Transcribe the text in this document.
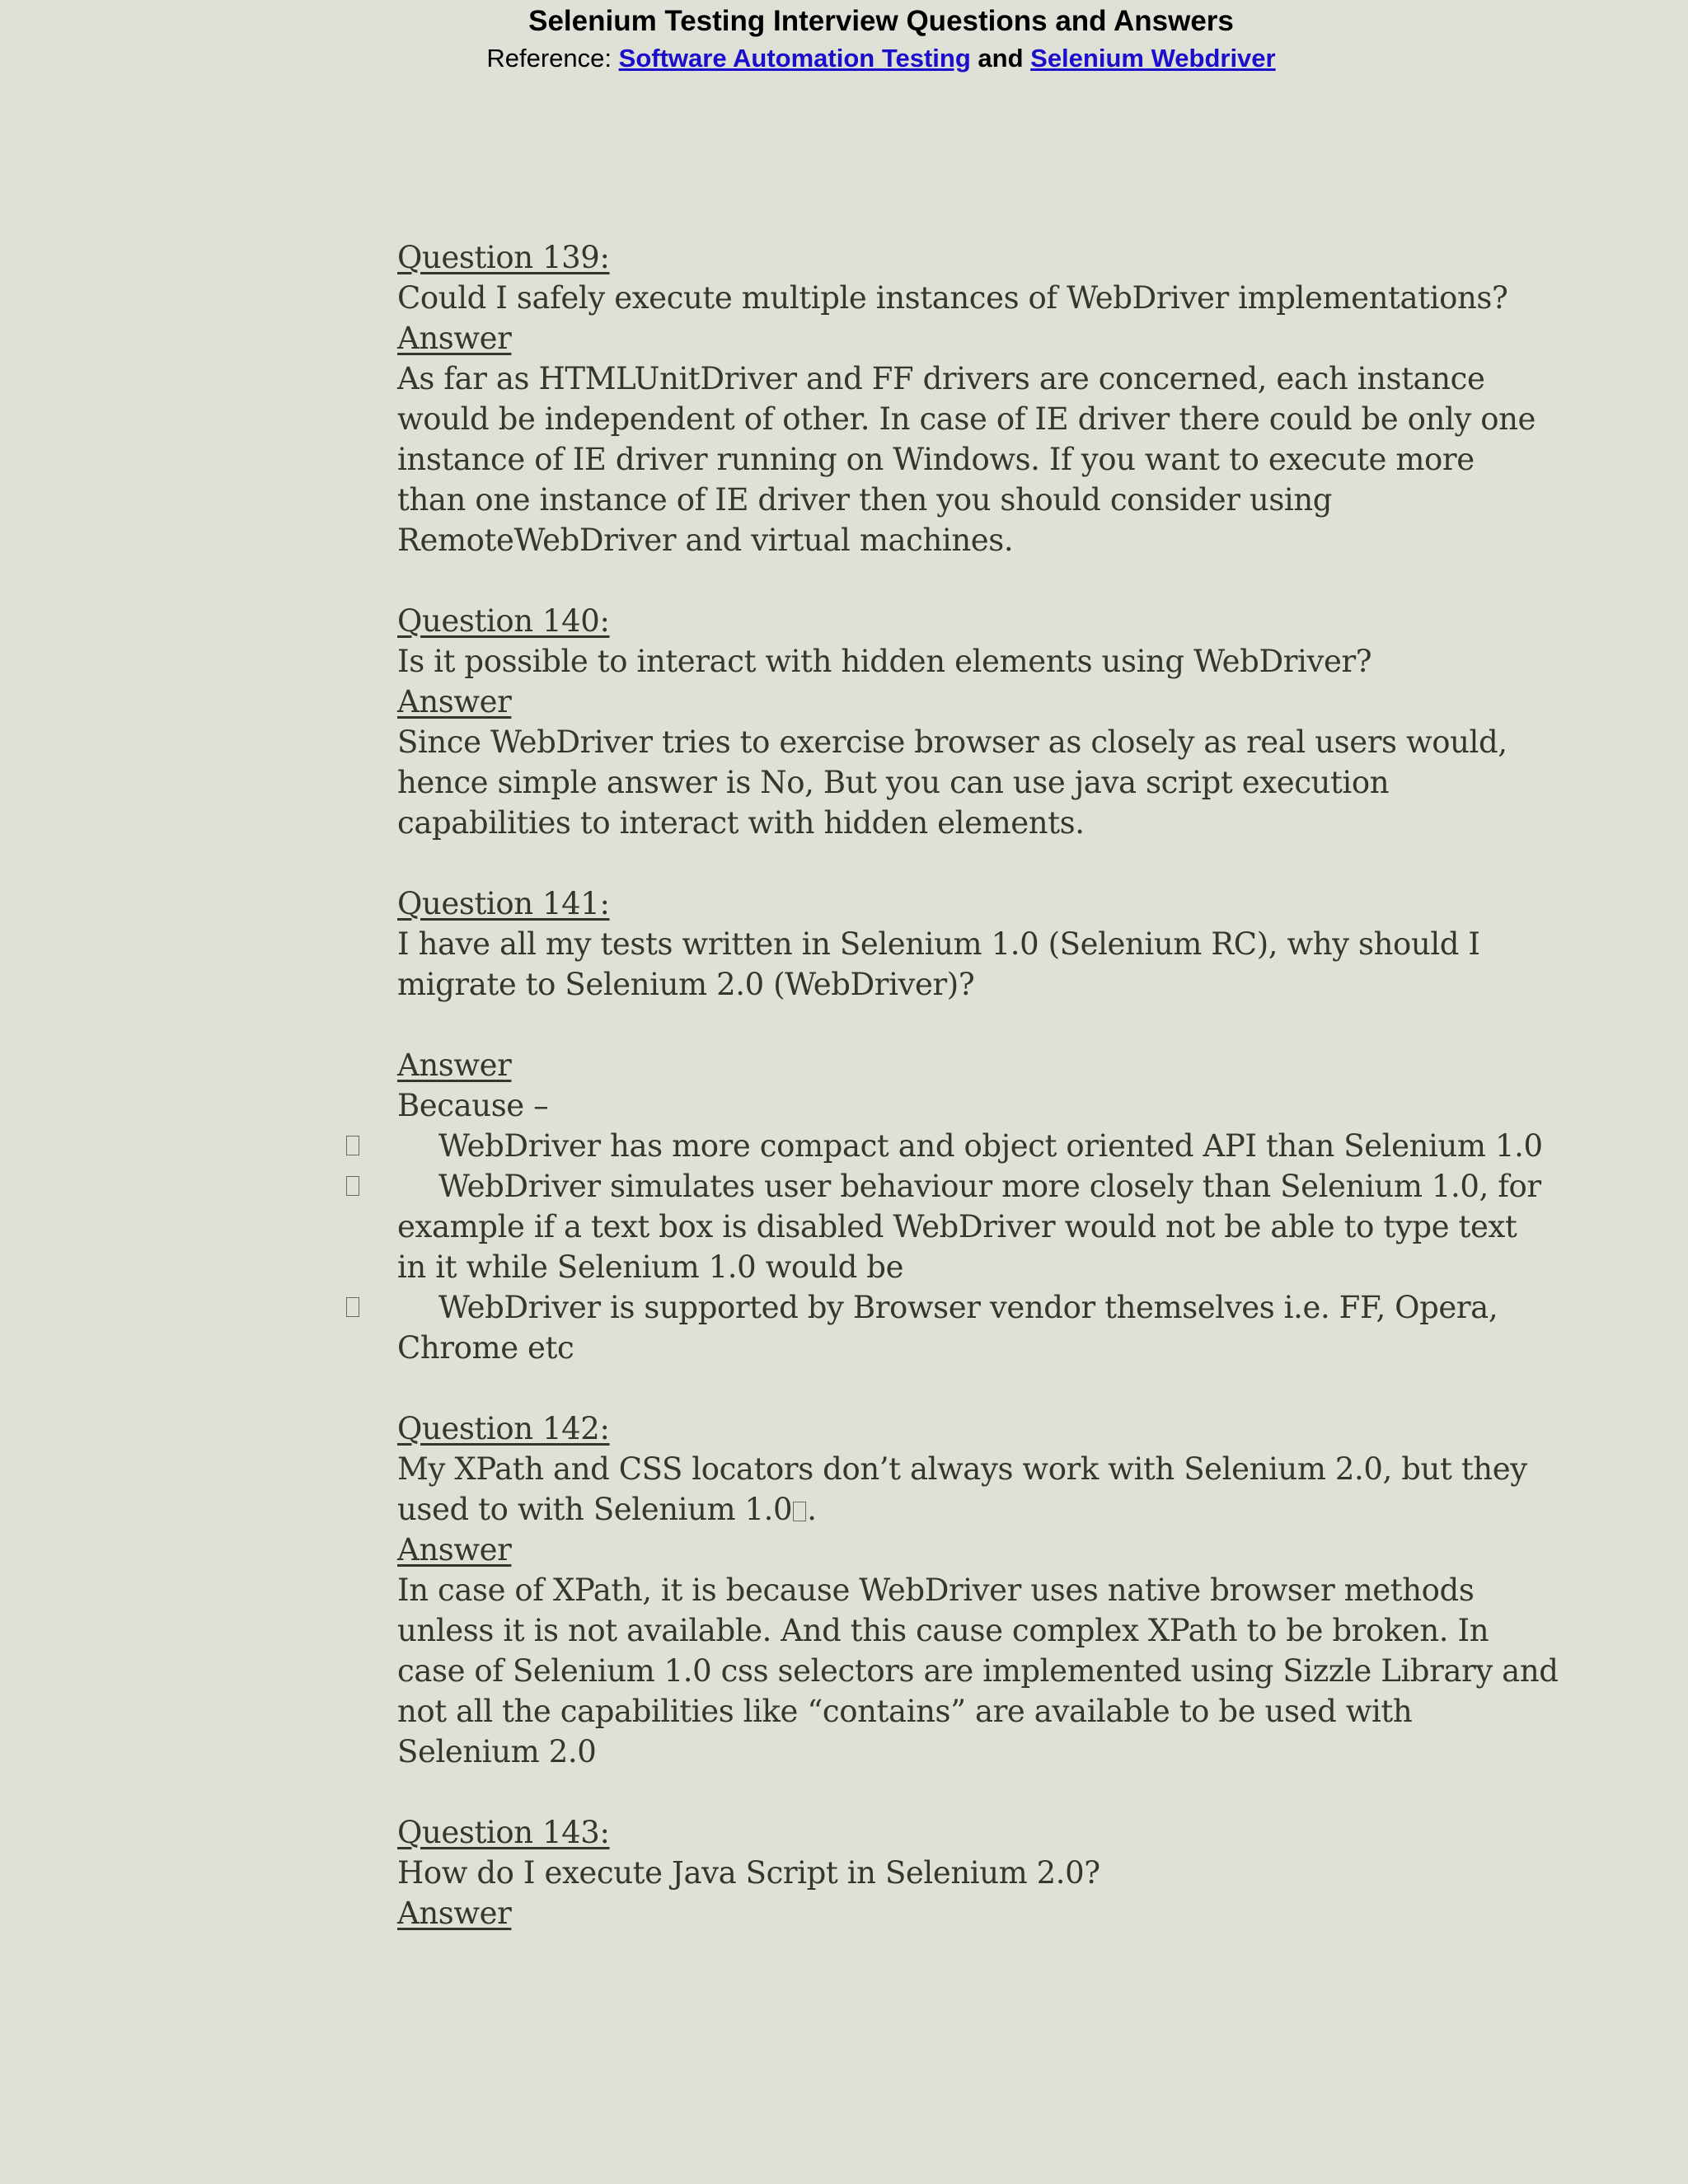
Selenium Testing Interview Questions and Answers
Reference: Software Automation Testing and Selenium Webdriver
Question 139:
Could I safely execute multiple instances of WebDriver implementations?
Answer
As far as HTMLUnitDriver and FF drivers are concerned, each instance
would be independent of other. In case of IE driver there could be only one
instance of IE driver running on Windows. If you want to execute more
than one instance of IE driver then you should consider using
RemoteWebDriver and virtual machines.
Question 140:
Is it possible to interact with hidden elements using WebDriver?
Answer
Since WebDriver tries to exercise browser as closely as real users would,
hence simple answer is No, But you can use java script execution
capabilities to interact with hidden elements.
Question 141:
I have all my tests written in Selenium 1.0 (Selenium RC), why should I
migrate to Selenium 2.0 (WebDriver)?
Answer
Because –
WebDriver has more compact and object oriented API than Selenium 1.0
WebDriver simulates user behaviour more closely than Selenium 1.0, for
example if a text box is disabled WebDriver would not be able to type text
in it while Selenium 1.0 would be
WebDriver is supported by Browser vendor themselves i.e. FF, Opera,
Chrome etc
Question 142:
My XPath and CSS locators don’t always work with Selenium 2.0, but they
used to with Selenium 1.0 .
Answer
In case of XPath, it is because WebDriver uses native browser methods
unless it is not available. And this cause complex XPath to be broken. In
case of Selenium 1.0 css selectors are implemented using Sizzle Library and
not all the capabilities like “contains” are available to be used with
Selenium 2.0
Question 143:
How do I execute Java Script in Selenium 2.0?
Answer
